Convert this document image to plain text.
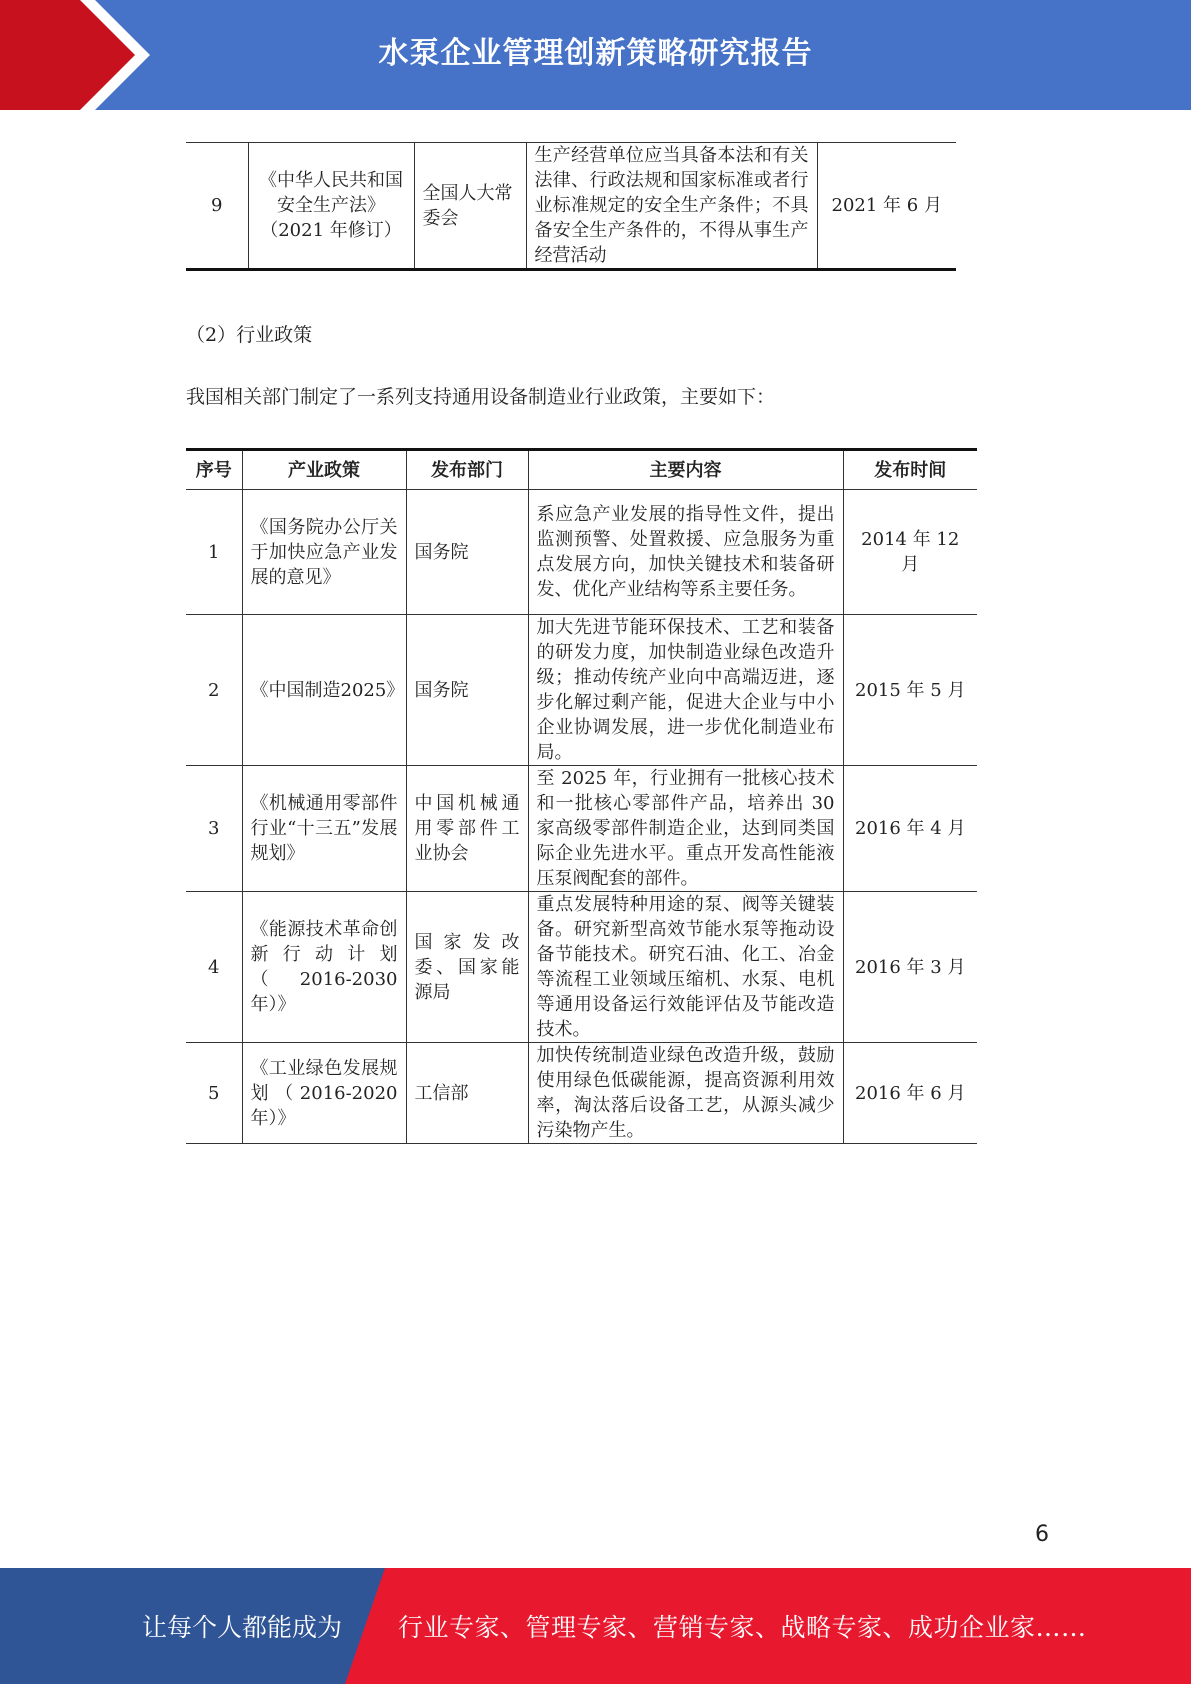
水泵企业管理创新策略研究报告
9	《中华人民共和国安全生产法》（2021 年修订）	全国人大常委会	生产经营单位应当具备本法和有关法律、行政法规和国家标准或者行业标准规定的安全生产条件；不具备安全生产条件的，不得从事生产经营活动	2021 年 6 月
（2）行业政策
我国相关部门制定了一系列支持通用设备制造业行业政策，主要如下：
序号	产业政策	发布部门	主要内容	发布时间
1	《国务院办公厅关于加快应急产业发展的意见》	国务院	系应急产业发展的指导性文件，提出监测预警、处置救援、应急服务为重点发展方向，加快关键技术和装备研发、优化产业结构等系主要任务。	2014 年 12 月
2	《中国制造2025》	国务院	加大先进节能环保技术、工艺和装备的研发力度，加快制造业绿色改造升级；推动传统产业向中高端迈进，逐步化解过剩产能，促进大企业与中小企业协调发展，进一步优化制造业布局。	2015 年 5 月
3	《机械通用零部件行业“十三五”发展规划》	中国机械通用零部件工业协会	至 2025 年，行业拥有一批核心技术和一批核心零部件产品，培养出 30 家高级零部件制造企业，达到同类国际企业先进水平。重点开发高性能液压泵阀配套的部件。	2016 年 4 月
4	《能源技术革命创新行动计划（2016-2030 年）》	国家发改委、国家能源局	重点发展特种用途的泵、阀等关键装备。研究新型高效节能水泵等拖动设备节能技术。研究石油、化工、冶金等流程工业领域压缩机、水泵、电机等通用设备运行效能评估及节能改造技术。	2016 年 3 月
5	《工业绿色发展规划（2016-2020 年）》	工信部	加快传统制造业绿色改造升级，鼓励使用绿色低碳能源，提高资源利用效率，淘汰落后设备工艺，从源头减少污染物产生。	2016 年 6 月
6
让每个人都能成为 行业专家、管理专家、营销专家、战略专家、成功企业家……
